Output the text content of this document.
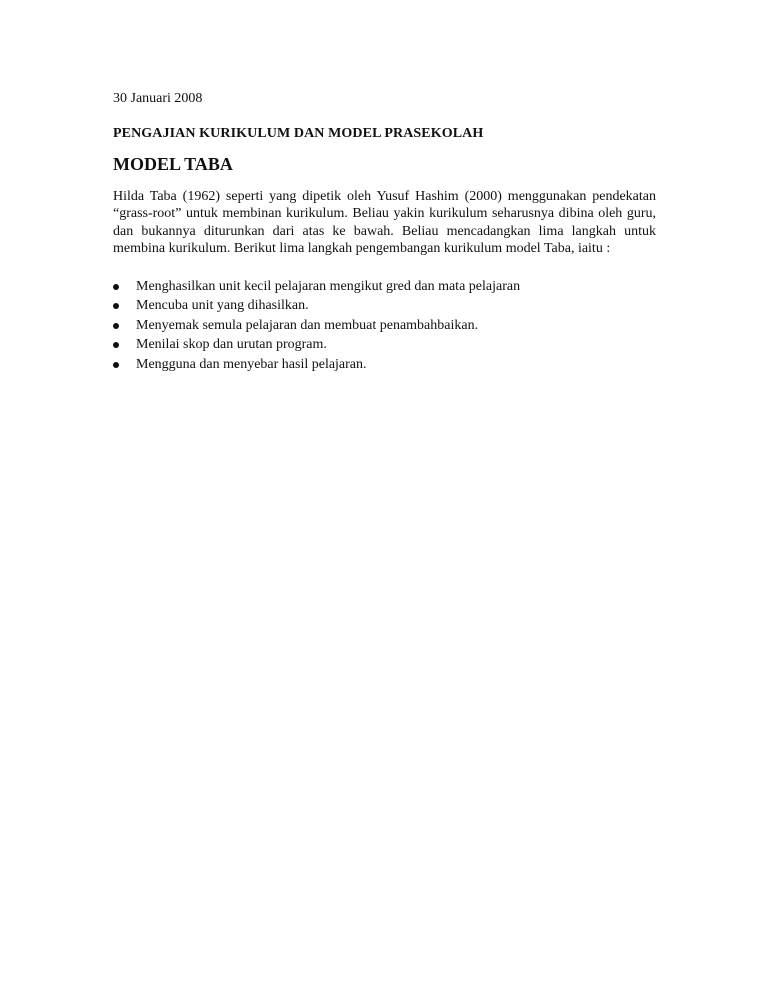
30 Januari 2008
PENGAJIAN KURIKULUM DAN MODEL PRASEKOLAH
MODEL TABA

Hilda Taba (1962) seperti yang dipetik oleh Yusuf Hashim (2000) menggunakan pendekatan “grass-root” untuk membinan kurikulum. Beliau yakin kurikulum seharusnya dibina oleh guru, dan bukannya diturunkan dari atas ke bawah. Beliau mencadangkan lima langkah untuk membina kurikulum. Berikut lima langkah pengembangan kurikulum model Taba, iaitu :

Menghasilkan unit kecil pelajaran mengikut gred dan mata pelajaran
Mencuba unit yang dihasilkan.
Menyemak semula pelajaran dan membuat penambahbaikan.
Menilai skop dan urutan program.
Mengguna dan menyebar hasil pelajaran.
